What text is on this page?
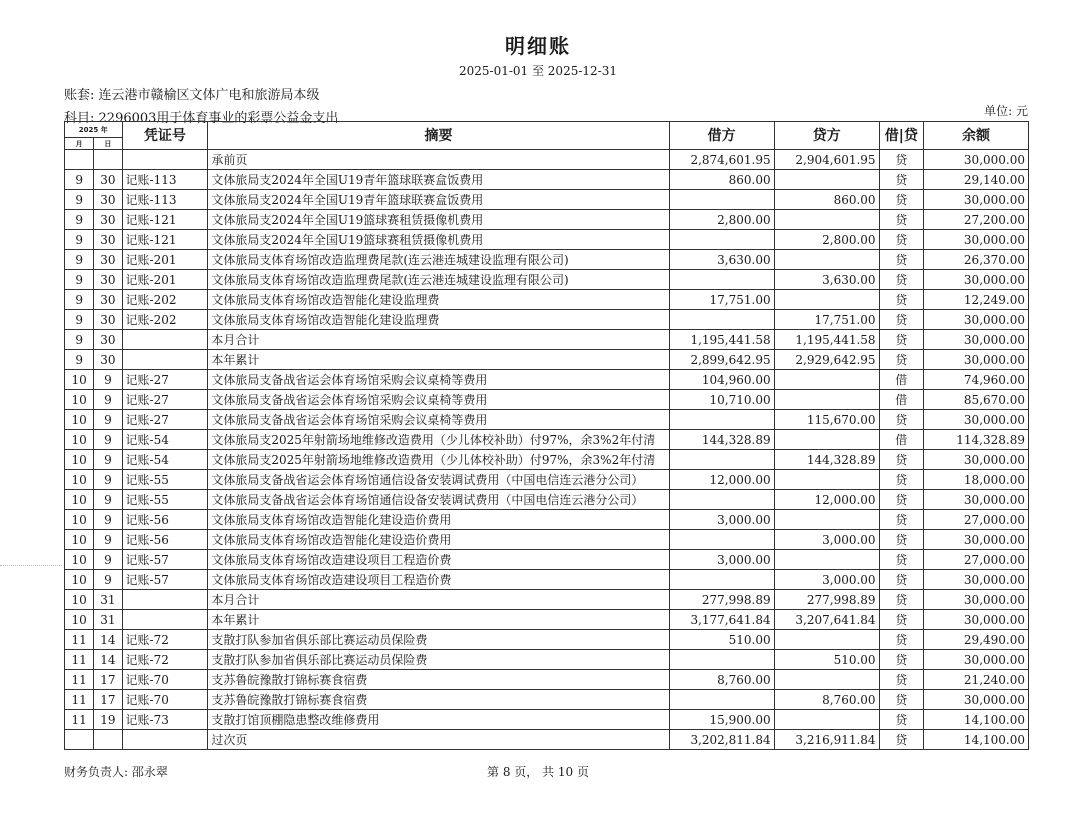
明细账
2025-01-01 至 2025-12-31
账套: 连云港市赣榆区文体广电和旅游局本级
科目: 2296003用于体育事业的彩票公益金支出	单位: 元
2025 年		凭证号	摘要	借方	贷方	借|贷	余额
月	日						
			承前页	2,874,601.95	2,904,601.95	贷	30,000.00
9	30	记账-113	文体旅局支2024年全国U19青年篮球联赛盒饭费用	860.00		贷	29,140.00
9	30	记账-113	文体旅局支2024年全国U19青年篮球联赛盒饭费用		860.00	贷	30,000.00
9	30	记账-121	文体旅局支2024年全国U19篮球赛租赁摄像机费用	2,800.00		贷	27,200.00
9	30	记账-121	文体旅局支2024年全国U19篮球赛租赁摄像机费用		2,800.00	贷	30,000.00
9	30	记账-201	文体旅局支体育场馆改造监理费尾款(连云港连城建设监理有限公司)	3,630.00		贷	26,370.00
9	30	记账-201	文体旅局支体育场馆改造监理费尾款(连云港连城建设监理有限公司)		3,630.00	贷	30,000.00
9	30	记账-202	文体旅局支体育场馆改造智能化建设监理费	17,751.00		贷	12,249.00
9	30	记账-202	文体旅局支体育场馆改造智能化建设监理费		17,751.00	贷	30,000.00
9	30		本月合计	1,195,441.58	1,195,441.58	贷	30,000.00
9	30		本年累计	2,899,642.95	2,929,642.95	贷	30,000.00
10	9	记账-27	文体旅局支备战省运会体育场馆采购会议桌椅等费用	104,960.00		借	74,960.00
10	9	记账-27	文体旅局支备战省运会体育场馆采购会议桌椅等费用	10,710.00		借	85,670.00
10	9	记账-27	文体旅局支备战省运会体育场馆采购会议桌椅等费用		115,670.00	贷	30,000.00
10	9	记账-54	文体旅局支2025年射箭场地维修改造费用（少儿体校补助）付97%，余3%2年付清	144,328.89		借	114,328.89
10	9	记账-54	文体旅局支2025年射箭场地维修改造费用（少儿体校补助）付97%，余3%2年付清		144,328.89	贷	30,000.00
10	9	记账-55	文体旅局支备战省运会体育场馆通信设备安装调试费用（中国电信连云港分公司）	12,000.00		贷	18,000.00
10	9	记账-55	文体旅局支备战省运会体育场馆通信设备安装调试费用（中国电信连云港分公司）		12,000.00	贷	30,000.00
10	9	记账-56	文体旅局支体育场馆改造智能化建设造价费用	3,000.00		贷	27,000.00
10	9	记账-56	文体旅局支体育场馆改造智能化建设造价费用		3,000.00	贷	30,000.00
10	9	记账-57	文体旅局支体育场馆改造建设项目工程造价费	3,000.00		贷	27,000.00
10	9	记账-57	文体旅局支体育场馆改造建设项目工程造价费		3,000.00	贷	30,000.00
10	31		本月合计	277,998.89	277,998.89	贷	30,000.00
10	31		本年累计	3,177,641.84	3,207,641.84	贷	30,000.00
11	14	记账-72	支散打队参加省俱乐部比赛运动员保险费	510.00		贷	29,490.00
11	14	记账-72	支散打队参加省俱乐部比赛运动员保险费		510.00	贷	30,000.00
11	17	记账-70	支苏鲁皖豫散打锦标赛食宿费	8,760.00		贷	21,240.00
11	17	记账-70	支苏鲁皖豫散打锦标赛食宿费		8,760.00	贷	30,000.00
11	19	记账-73	支散打馆顶棚隐患整改维修费用	15,900.00		贷	14,100.00
			过次页	3,202,811.84	3,216,911.84	贷	14,100.00
财务负责人: 邵永翠	第 8 页， 共 10 页
